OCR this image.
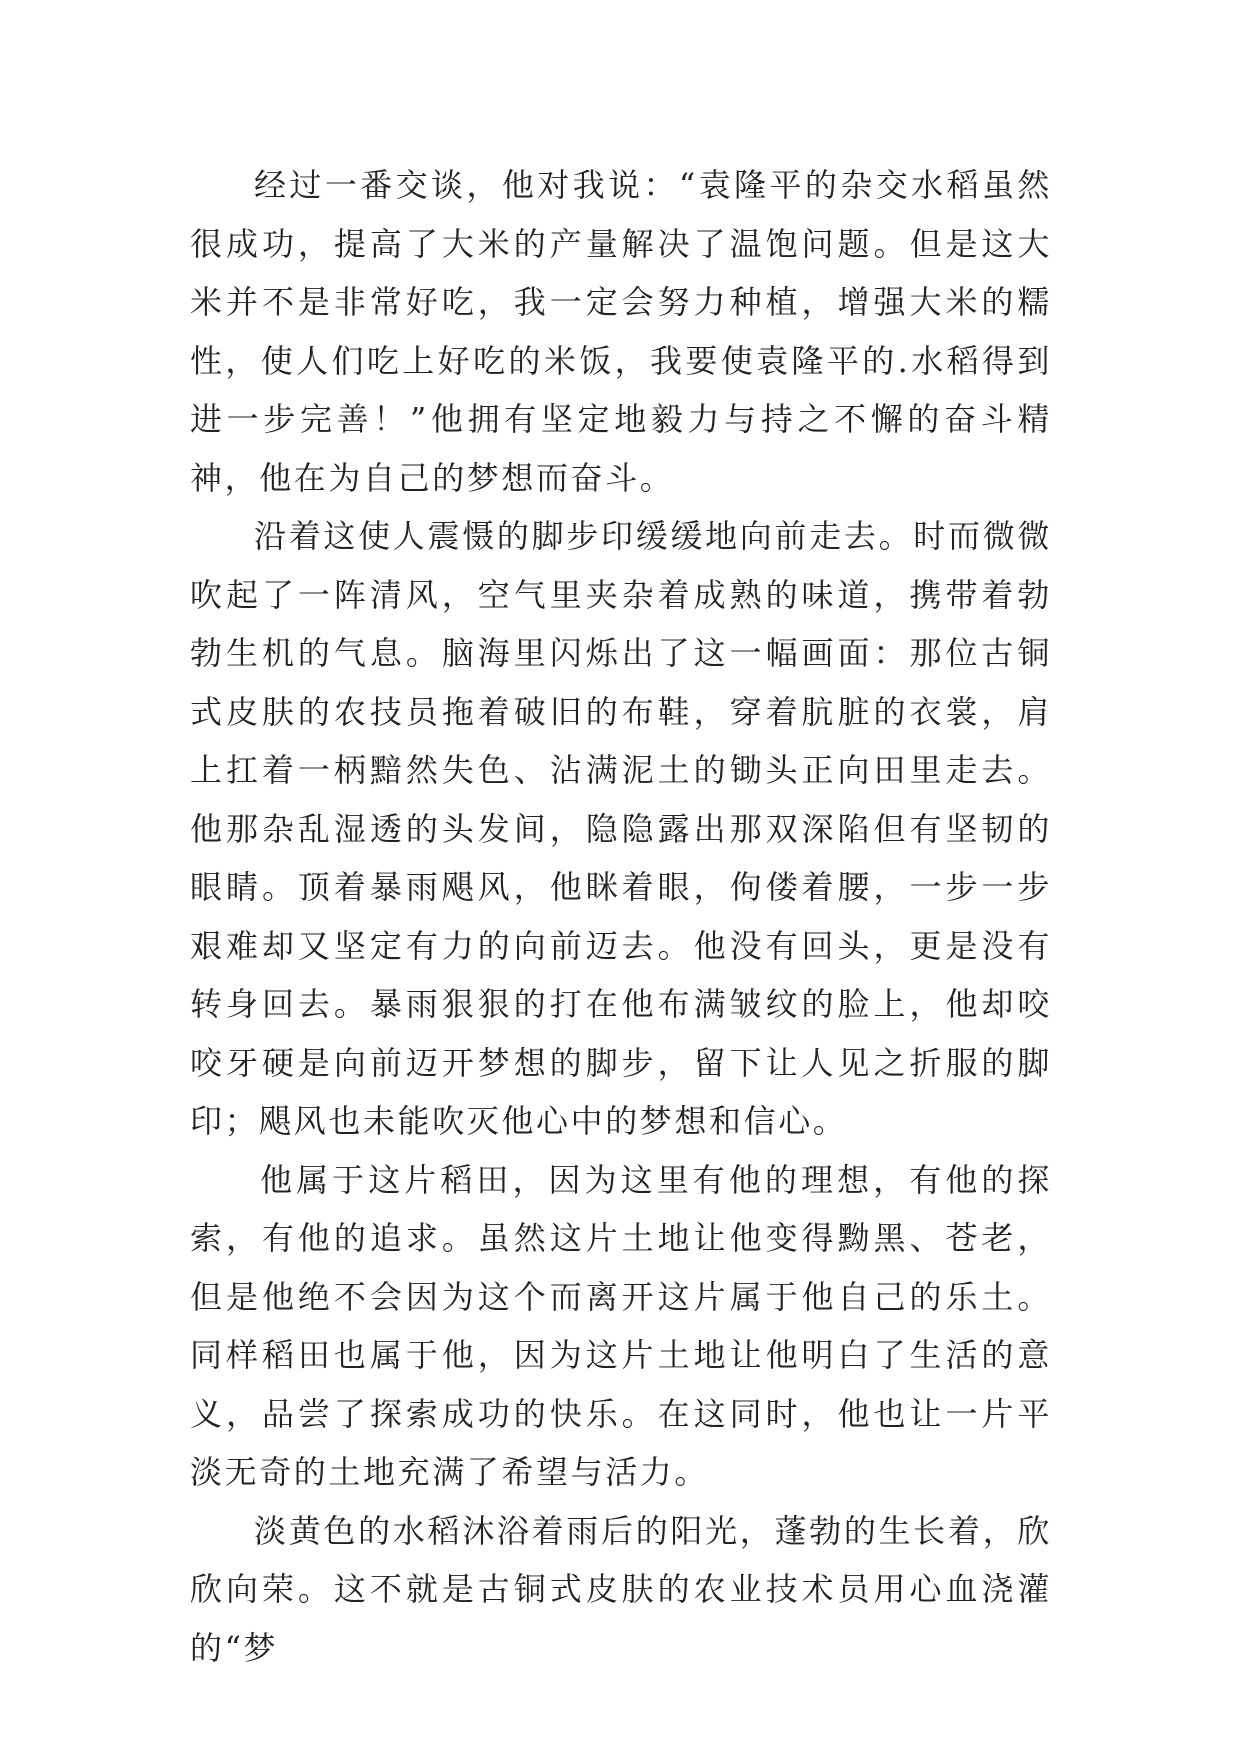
经过一番交谈，他对我说：“袁隆平的杂交水稻虽然很成功，提高了大米的产量解决了温饱问题。但是这大米并不是非常好吃，我一定会努力种植，增强大米的糯性，使人们吃上好吃的米饭，我要使袁隆平的.水稻得到进一步完善！”他拥有坚定地毅力与持之不懈的奋斗精神，他在为自己的梦想而奋斗。

沿着这使人震慑的脚步印缓缓地向前走去。时而微微吹起了一阵清风，空气里夹杂着成熟的味道，携带着勃勃生机的气息。脑海里闪烁出了这一幅画面：那位古铜式皮肤的农技员拖着破旧的布鞋，穿着肮脏的衣裳，肩上扛着一柄黯然失色、沾满泥土的锄头正向田里走去。他那杂乱湿透的头发间，隐隐露出那双深陷但有坚韧的眼睛。顶着暴雨飓风，他眯着眼，佝偻着腰，一步一步艰难却又坚定有力的向前迈去。他没有回头，更是没有转身回去。暴雨狠狠的打在他布满皱纹的脸上，他却咬咬牙硬是向前迈开梦想的脚步，留下让人见之折服的脚印；飓风也未能吹灭他心中的梦想和信心。

他属于这片稻田，因为这里有他的理想，有他的探索，有他的追求。虽然这片土地让他变得黝黑、苍老，但是他绝不会因为这个而离开这片属于他自己的乐土。同样稻田也属于他，因为这片土地让他明白了生活的意义，品尝了探索成功的快乐。在这同时，他也让一片平淡无奇的土地充满了希望与活力。

淡黄色的水稻沐浴着雨后的阳光，蓬勃的生长着，欣欣向荣。这不就是古铜式皮肤的农业技术员用心血浇灌的“梦
